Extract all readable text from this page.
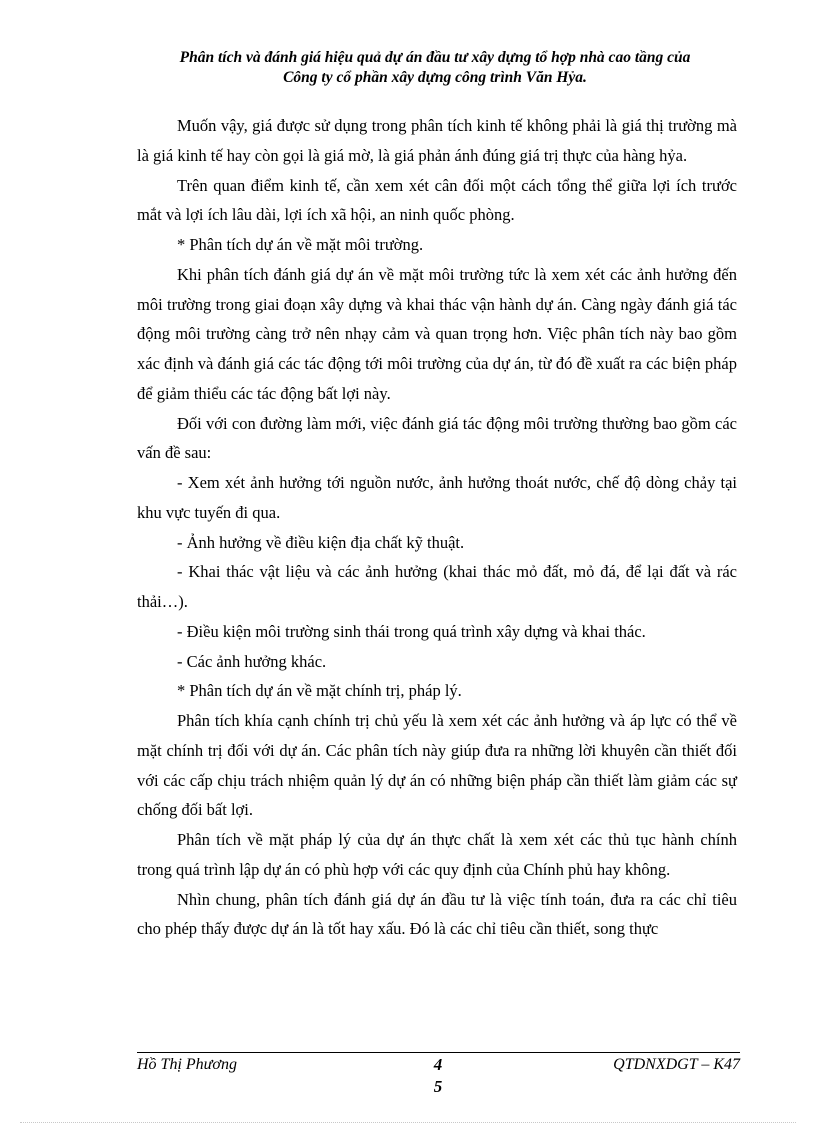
Phân tích và đánh giá hiệu quả dự án đầu tư xây dựng tổ hợp nhà cao tầng của
Công ty cổ phần xây dựng công trình Văn Hỷa.

Muốn vậy, giá được sử dụng trong phân tích kinh tế không phải là giá thị trường mà là giá kinh tế hay còn gọi là giá mờ, là giá phản ánh đúng giá trị thực của hàng hỷa.

Trên quan điểm kinh tế, cần xem xét cân đối một cách tổng thể giữa lợi ích trước mắt và lợi ích lâu dài, lợi ích xã hội, an ninh quốc phòng.

* Phân tích dự án về mặt môi trường.

Khi phân tích đánh giá dự án về mặt môi trường tức là xem xét các ảnh hưởng đến môi trường trong giai đoạn xây dựng và khai thác vận hành dự án. Càng ngày đánh giá tác động môi trường càng trở nên nhạy cảm và quan trọng hơn. Việc phân tích này bao gồm xác định và đánh giá các tác động tới môi trường của dự án, từ đó đề xuất ra các biện pháp để giảm thiểu các tác động bất lợi này.

Đối với con đường làm mới, việc đánh giá tác động môi trường thường bao gồm các vấn đề sau:

- Xem xét ảnh hưởng tới nguồn nước, ảnh hưởng thoát nước, chế độ dòng chảy tại khu vực tuyến đi qua.

- Ảnh hưởng về điều kiện địa chất kỹ thuật.

- Khai thác vật liệu và các ảnh hưởng (khai thác mỏ đất, mỏ đá, để lại đất và rác thải…).

- Điều kiện môi trường sinh thái trong quá trình xây dựng và khai thác.

- Các ảnh hưởng khác.

* Phân tích dự án về mặt chính trị, pháp lý.

Phân tích khía cạnh chính trị chủ yếu là xem xét các ảnh hưởng và áp lực có thể về mặt chính trị đối với dự án. Các phân tích này giúp đưa ra những lời khuyên cần thiết đối với các cấp chịu trách nhiệm quản lý dự án có những biện pháp cần thiết làm giảm các sự chống đối bất lợi.

Phân tích về mặt pháp lý của dự án thực chất là xem xét các thủ tục hành chính trong quá trình lập dự án có phù hợp với các quy định của Chính phủ hay không.

Nhìn chung, phân tích đánh giá dự án đầu tư là việc tính toán, đưa ra các chỉ tiêu cho phép thấy được dự án là tốt hay xấu. Đó là các chỉ tiêu cần thiết, song thực

Hồ Thị Phương	4
5
QTDNXDGT – K47
